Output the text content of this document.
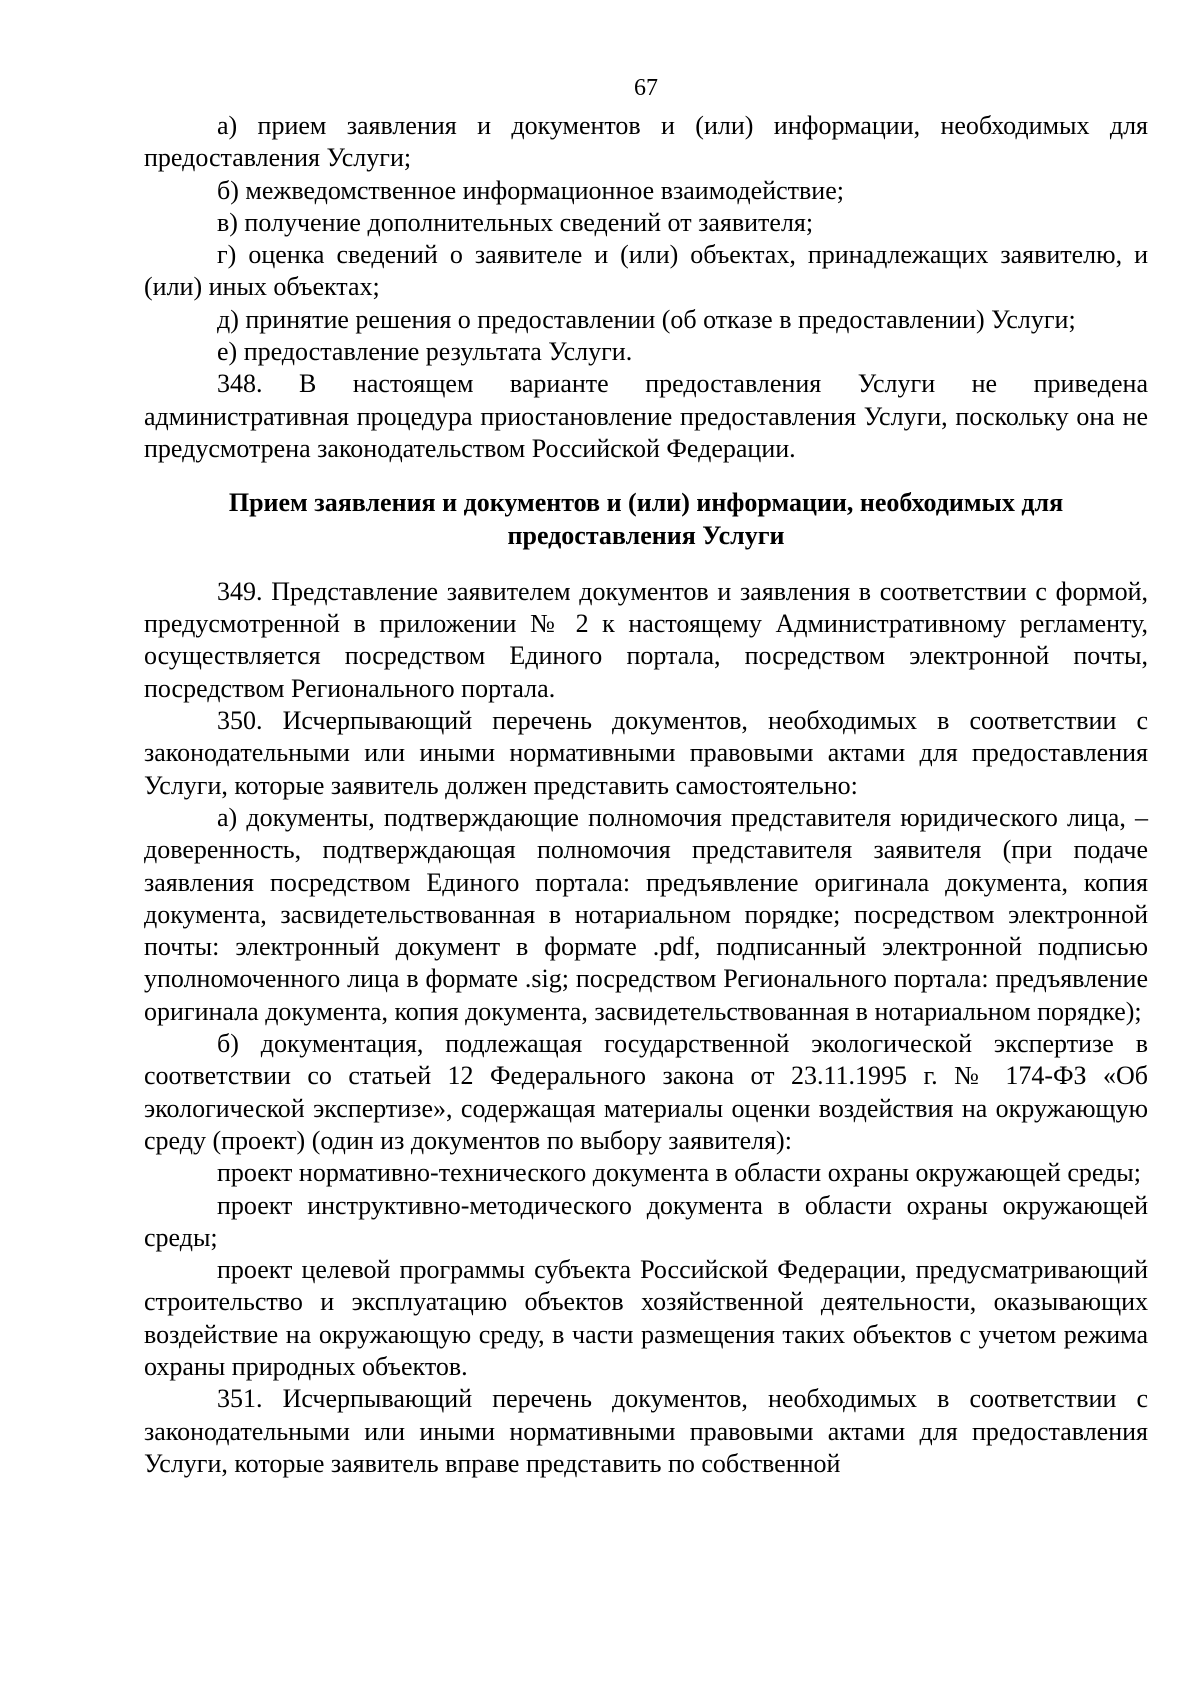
67

а) прием заявления и документов и (или) информации, необходимых для предоставления Услуги;

б) межведомственное информационное взаимодействие;

в) получение дополнительных сведений от заявителя;

г) оценка сведений о заявителе и (или) объектах, принадлежащих заявителю, и (или) иных объектах;

д) принятие решения о предоставлении (об отказе в предоставлении) Услуги;

е) предоставление результата Услуги.

348. В настоящем варианте предоставления Услуги не приведена административная процедура приостановление предоставления Услуги, поскольку она не предусмотрена законодательством Российской Федерации.

Прием заявления и документов и (или) информации, необходимых для
предоставления Услуги

349. Представление заявителем документов и заявления в соответствии с формой, предусмотренной в приложении № 2 к настоящему Административному регламенту, осуществляется посредством Единого портала, посредством электронной почты, посредством Регионального портала.

350. Исчерпывающий перечень документов, необходимых в соответствии с законодательными или иными нормативными правовыми актами для предоставления Услуги, которые заявитель должен представить самостоятельно:

а) документы, подтверждающие полномочия представителя юридического лица, – доверенность, подтверждающая полномочия представителя заявителя (при подаче заявления посредством Единого портала: предъявление оригинала документа, копия документа, засвидетельствованная в нотариальном порядке; посредством электронной почты: электронный документ в формате .pdf, подписанный электронной подписью уполномоченного лица в формате .sig; посредством Регионального портала: предъявление оригинала документа, копия документа, засвидетельствованная в нотариальном порядке);

б) документация, подлежащая государственной экологической экспертизе в соответствии со статьей 12 Федерального закона от 23.11.1995 г. № 174-ФЗ «Об экологической экспертизе», содержащая материалы оценки воздействия на окружающую среду (проект) (один из документов по выбору заявителя):

проект нормативно-технического документа в области охраны окружающей среды;

проект инструктивно-методического документа в области охраны окружающей среды;

проект целевой программы субъекта Российской Федерации, предусматривающий строительство и эксплуатацию объектов хозяйственной деятельности, оказывающих воздействие на окружающую среду, в части размещения таких объектов с учетом режима охраны природных объектов.

351. Исчерпывающий перечень документов, необходимых в соответствии с законодательными или иными нормативными правовыми актами для предоставления Услуги, которые заявитель вправе представить по собственной
